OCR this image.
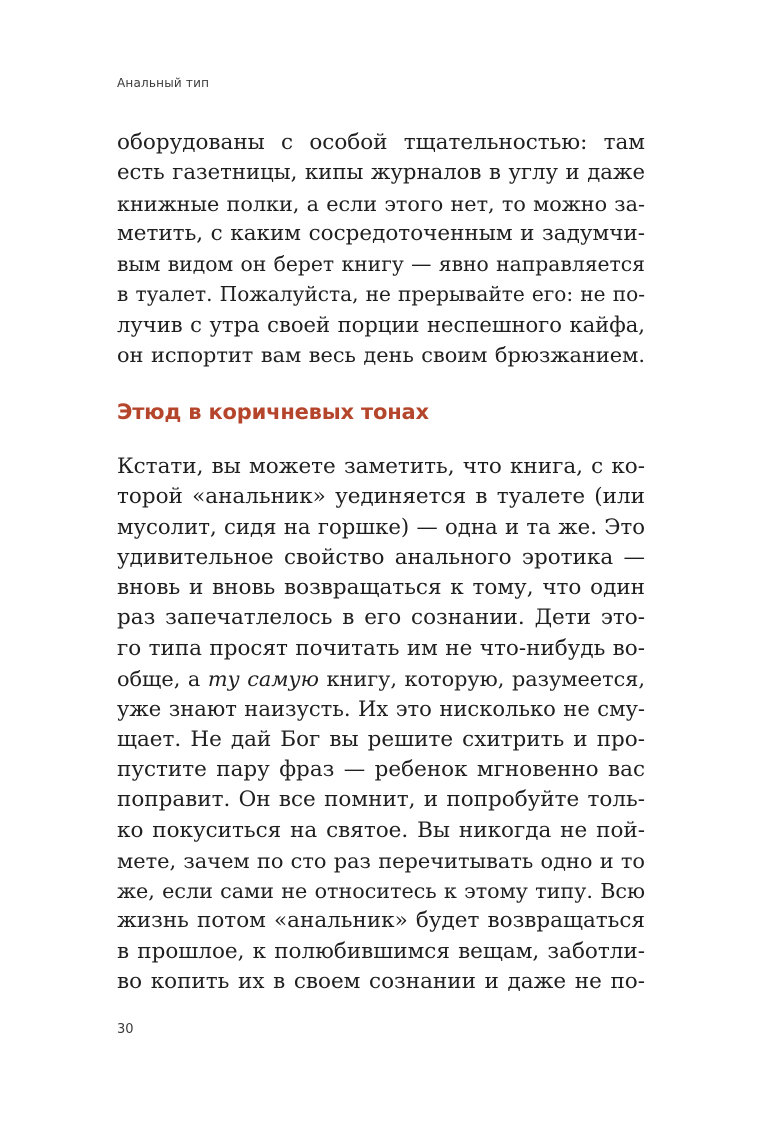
Анальный тип
оборудованы с особой тщательностью: там
есть газетницы, кипы журналов в углу и даже
книжные полки, а если этого нет, то можно за-
метить, с каким сосредоточенным и задумчи-
вым видом он берет книгу — явно направляется
в туалет. Пожалуйста, не прерывайте его: не по-
лучив с утра своей порции неспешного кайфа,
он испортит вам весь день своим брюзжанием.
Этюд в коричневых тонах
Кстати, вы можете заметить, что книга, с ко-
торой «анальник» уединяется в туалете (или
мусолит, сидя на горшке) — одна и та же. Это
удивительное свойство анального эротика —
вновь и вновь возвращаться к тому, что один
раз запечатлелось в его сознании. Дети это-
го типа просят почитать им не что-нибудь во-
обще, а ту самую книгу, которую, разумеется,
уже знают наизусть. Их это нисколько не сму-
щает. Не дай Бог вы решите схитрить и про-
пустите пару фраз — ребенок мгновенно вас
поправит. Он все помнит, и попробуйте толь-
ко покуситься на святое. Вы никогда не пой-
мете, зачем по сто раз перечитывать одно и то
же, если сами не относитесь к этому типу. Всю
жизнь потом «анальник» будет возвращаться
в прошлое, к полюбившимся вещам, заботли-
во копить их в своем сознании и даже не по-
30
